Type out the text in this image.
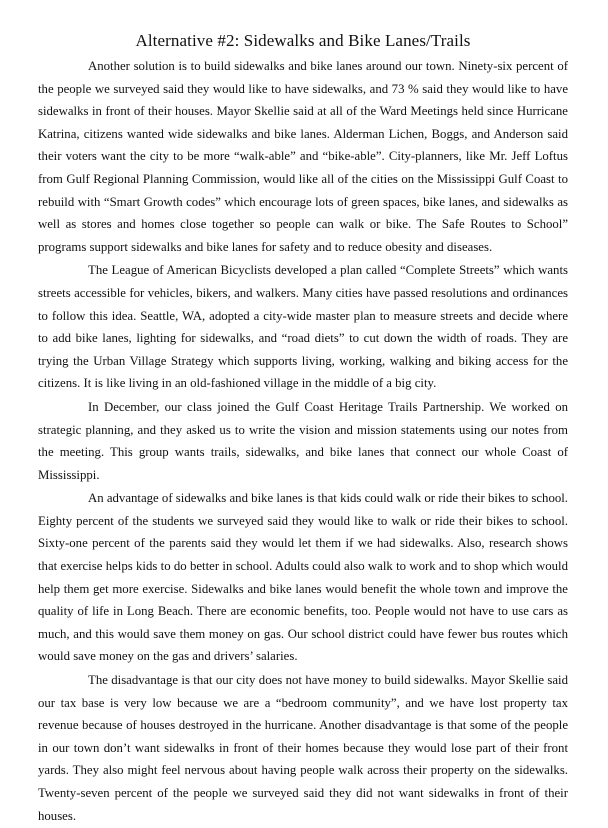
Alternative #2: Sidewalks and Bike Lanes/Trails

Another solution is to build sidewalks and bike lanes around our town. Ninety-six percent of the people we surveyed said they would like to have sidewalks, and 73 % said they would like to have sidewalks in front of their houses. Mayor Skellie said at all of the Ward Meetings held since Hurricane Katrina, citizens wanted wide sidewalks and bike lanes. Alderman Lichen, Boggs, and Anderson said their voters want the city to be more “walk-able” and “bike-able”. City-planners, like Mr. Jeff Loftus from Gulf Regional Planning Commission, would like all of the cities on the Mississippi Gulf Coast to rebuild with “Smart Growth codes” which encourage lots of green spaces, bike lanes, and sidewalks as well as stores and homes close together so people can walk or bike. The Safe Routes to School” programs support sidewalks and bike lanes for safety and to reduce obesity and diseases.

The League of American Bicyclists developed a plan called “Complete Streets” which wants streets accessible for vehicles, bikers, and walkers. Many cities have passed resolutions and ordinances to follow this idea. Seattle, WA, adopted a city-wide master plan to measure streets and decide where to add bike lanes, lighting for sidewalks, and “road diets” to cut down the width of roads. They are trying the Urban Village Strategy which supports living, working, walking and biking access for the citizens. It is like living in an old-fashioned village in the middle of a big city.

In December, our class joined the Gulf Coast Heritage Trails Partnership. We worked on strategic planning, and they asked us to write the vision and mission statements using our notes from the meeting. This group wants trails, sidewalks, and bike lanes that connect our whole Coast of Mississippi.

An advantage of sidewalks and bike lanes is that kids could walk or ride their bikes to school. Eighty percent of the students we surveyed said they would like to walk or ride their bikes to school. Sixty-one percent of the parents said they would let them if we had sidewalks. Also, research shows that exercise helps kids to do better in school. Adults could also walk to work and to shop which would help them get more exercise. Sidewalks and bike lanes would benefit the whole town and improve the quality of life in Long Beach. There are economic benefits, too. People would not have to use cars as much, and this would save them money on gas. Our school district could have fewer bus routes which would save money on the gas and drivers’ salaries.

The disadvantage is that our city does not have money to build sidewalks. Mayor Skellie said our tax base is very low because we are a “bedroom community”, and we have lost property tax revenue because of houses destroyed in the hurricane. Another disadvantage is that some of the people in our town don’t want sidewalks in front of their homes because they would lose part of their front yards. They also might feel nervous about having people walk across their property on the sidewalks. Twenty-seven percent of the people we surveyed said they did not want sidewalks in front of their houses.
